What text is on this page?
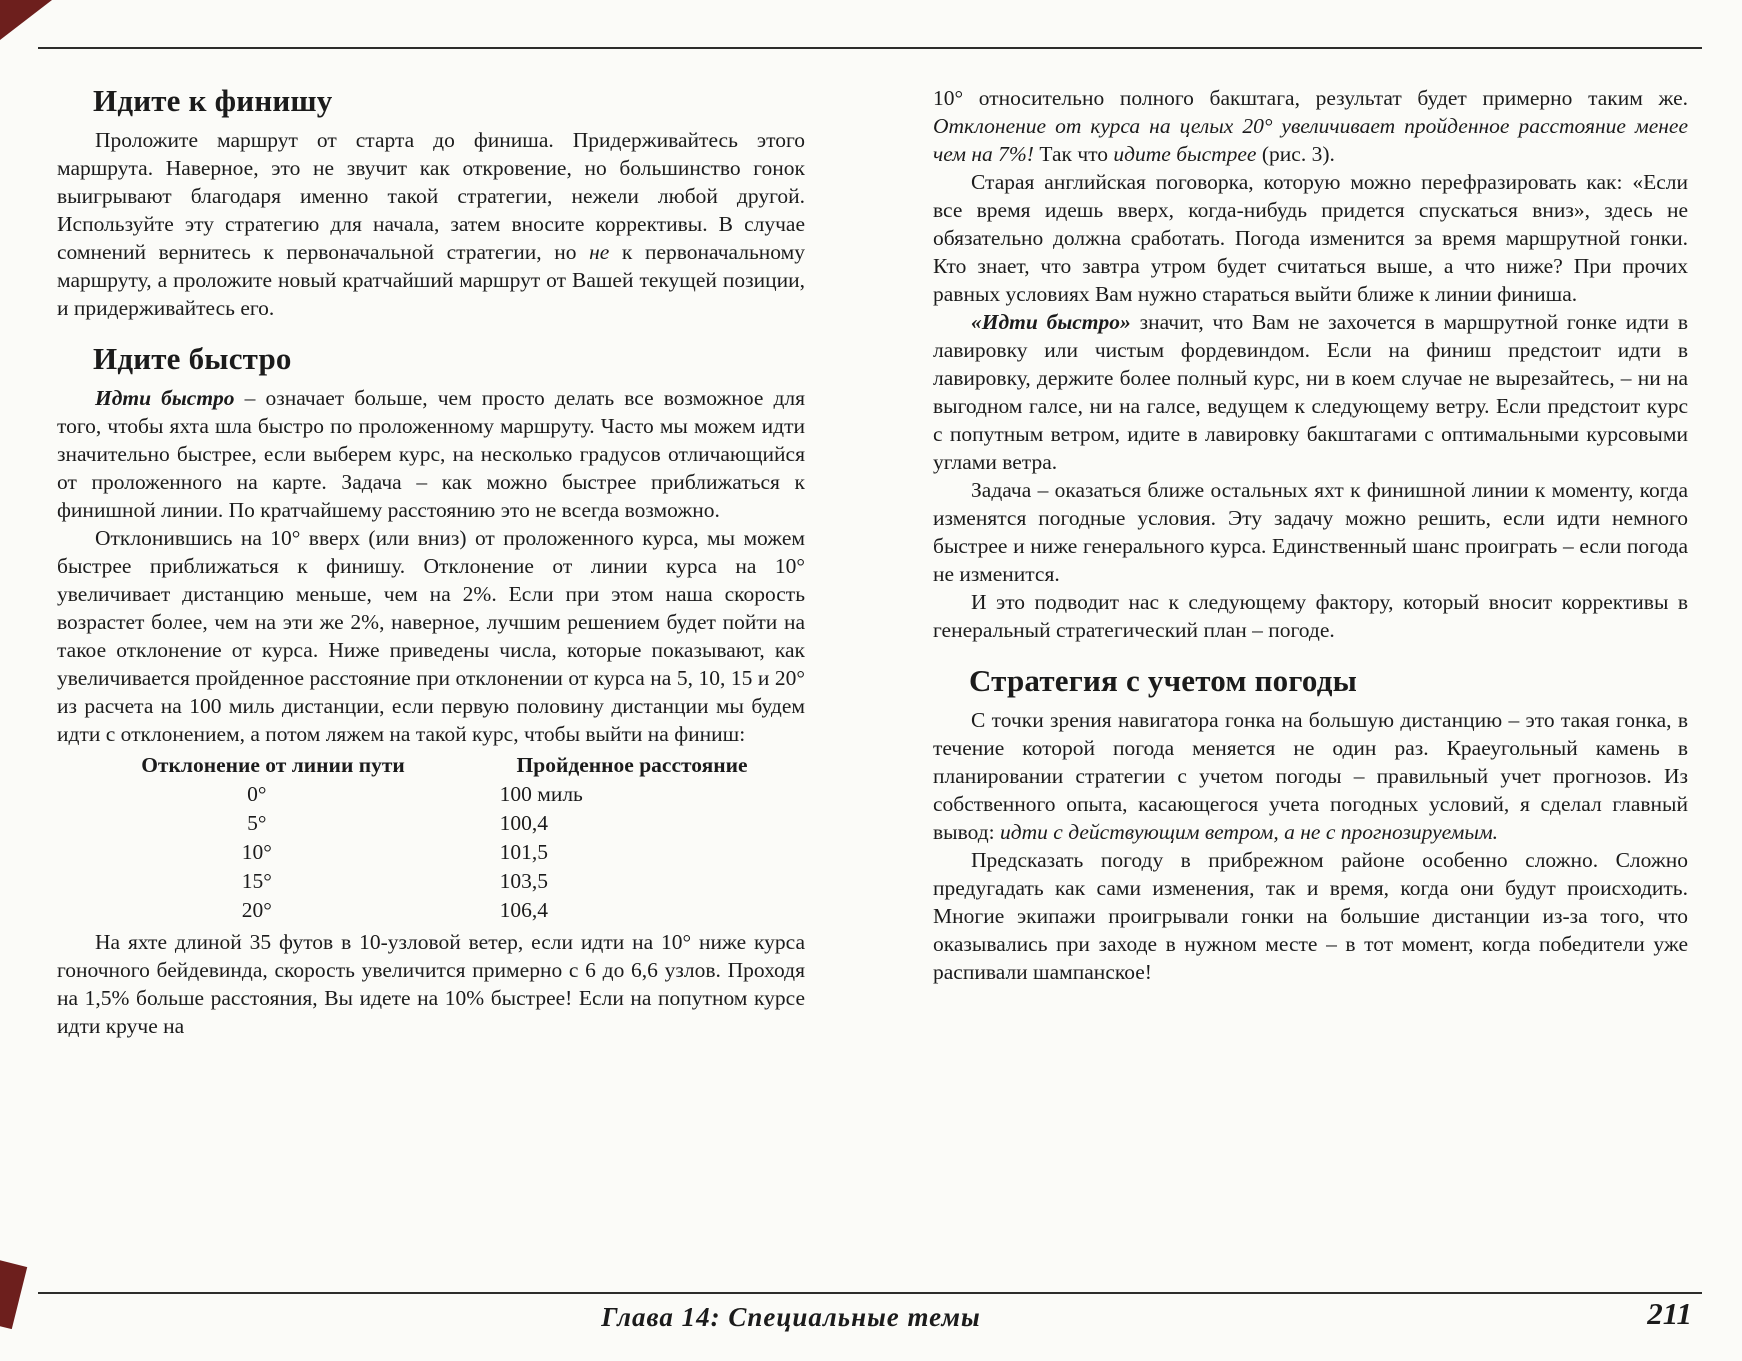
Идите к финишу

Проложите маршрут от старта до финиша. Придерживайтесь этого маршрута. Наверное, это не звучит как откровение, но большинство гонок выигрывают благодаря именно такой стратегии, нежели любой другой. Используйте эту стратегию для начала, затем вносите коррективы. В случае сомнений вернитесь к первоначальной стратегии, но не к первоначальному маршруту, а проложите новый кратчайший маршрут от Вашей текущей позиции, и придерживайтесь его.

Идите быстро

Идти быстро – означает больше, чем просто делать все возможное для того, чтобы яхта шла быстро по проложенному маршруту. Часто мы можем идти значительно быстрее, если выберем курс, на несколько градусов отличающийся от проложенного на карте. Задача – как можно быстрее приближаться к финишной линии. По кратчайшему расстоянию это не всегда возможно.

Отклонившись на 10° вверх (или вниз) от проложенного курса, мы можем быстрее приближаться к финишу. Отклонение от линии курса на 10° увеличивает дистанцию меньше, чем на 2%. Если при этом наша скорость возрастет более, чем на эти же 2%, наверное, лучшим решением будет пойти на такое отклонение от курса. Ниже приведены числа, которые показывают, как увеличивается пройденное расстояние при отклонении от курса на 5, 10, 15 и 20° из расчета на 100 миль дистанции, если первую половину дистанции мы будем идти с отклонением, а потом ляжем на такой курс, чтобы выйти на финиш:

Отклонение от линии пути	Пройденное расстояние
0°	100 миль
5°	100,4
10°	101,5
15°	103,5
20°	106,4

На яхте длиной 35 футов в 10-узловой ветер, если идти на 10° ниже курса гоночного бейдевинда, скорость увеличится примерно с 6 до 6,6 узлов. Проходя на 1,5% больше расстояния, Вы идете на 10% быстрее! Если на попутном курсе идти круче на

10° относительно полного бакштага, результат будет примерно таким же. Отклонение от курса на целых 20° увеличивает пройденное расстояние менее чем на 7%! Так что идите быстрее (рис. 3).

Старая английская поговорка, которую можно перефразировать как: «Если все время идешь вверх, когда-нибудь придется спускаться вниз», здесь не обязательно должна сработать. Погода изменится за время маршрутной гонки. Кто знает, что завтра утром будет считаться выше, а что ниже? При прочих равных условиях Вам нужно стараться выйти ближе к линии финиша.

«Идти быстро» значит, что Вам не захочется в маршрутной гонке идти в лавировку или чистым фордевиндом. Если на финиш предстоит идти в лавировку, держите более полный курс, ни в коем случае не вырезайтесь, – ни на выгодном галсе, ни на галсе, ведущем к следующему ветру. Если предстоит курс с попутным ветром, идите в лавировку бакштагами с оптимальными курсовыми углами ветра.

Задача – оказаться ближе остальных яхт к финишной линии к моменту, когда изменятся погодные условия. Эту задачу можно решить, если идти немного быстрее и ниже генерального курса. Единственный шанс проиграть – если погода не изменится.

И это подводит нас к следующему фактору, который вносит коррективы в генеральный стратегический план – погоде.

Стратегия с учетом погоды

С точки зрения навигатора гонка на большую дистанцию – это такая гонка, в течение которой погода меняется не один раз. Краеугольный камень в планировании стратегии с учетом погоды – правильный учет прогнозов. Из собственного опыта, касающегося учета погодных условий, я сделал главный вывод: идти с действующим ветром, а не с прогнозируемым.

Предсказать погоду в прибрежном районе особенно сложно. Сложно предугадать как сами изменения, так и время, когда они будут происходить. Многие экипажи проигрывали гонки на большие дистанции из-за того, что оказывались при заходе в нужном месте – в тот момент, когда победители уже распивали шампанское!

Глава 14: Специальные темы	211
